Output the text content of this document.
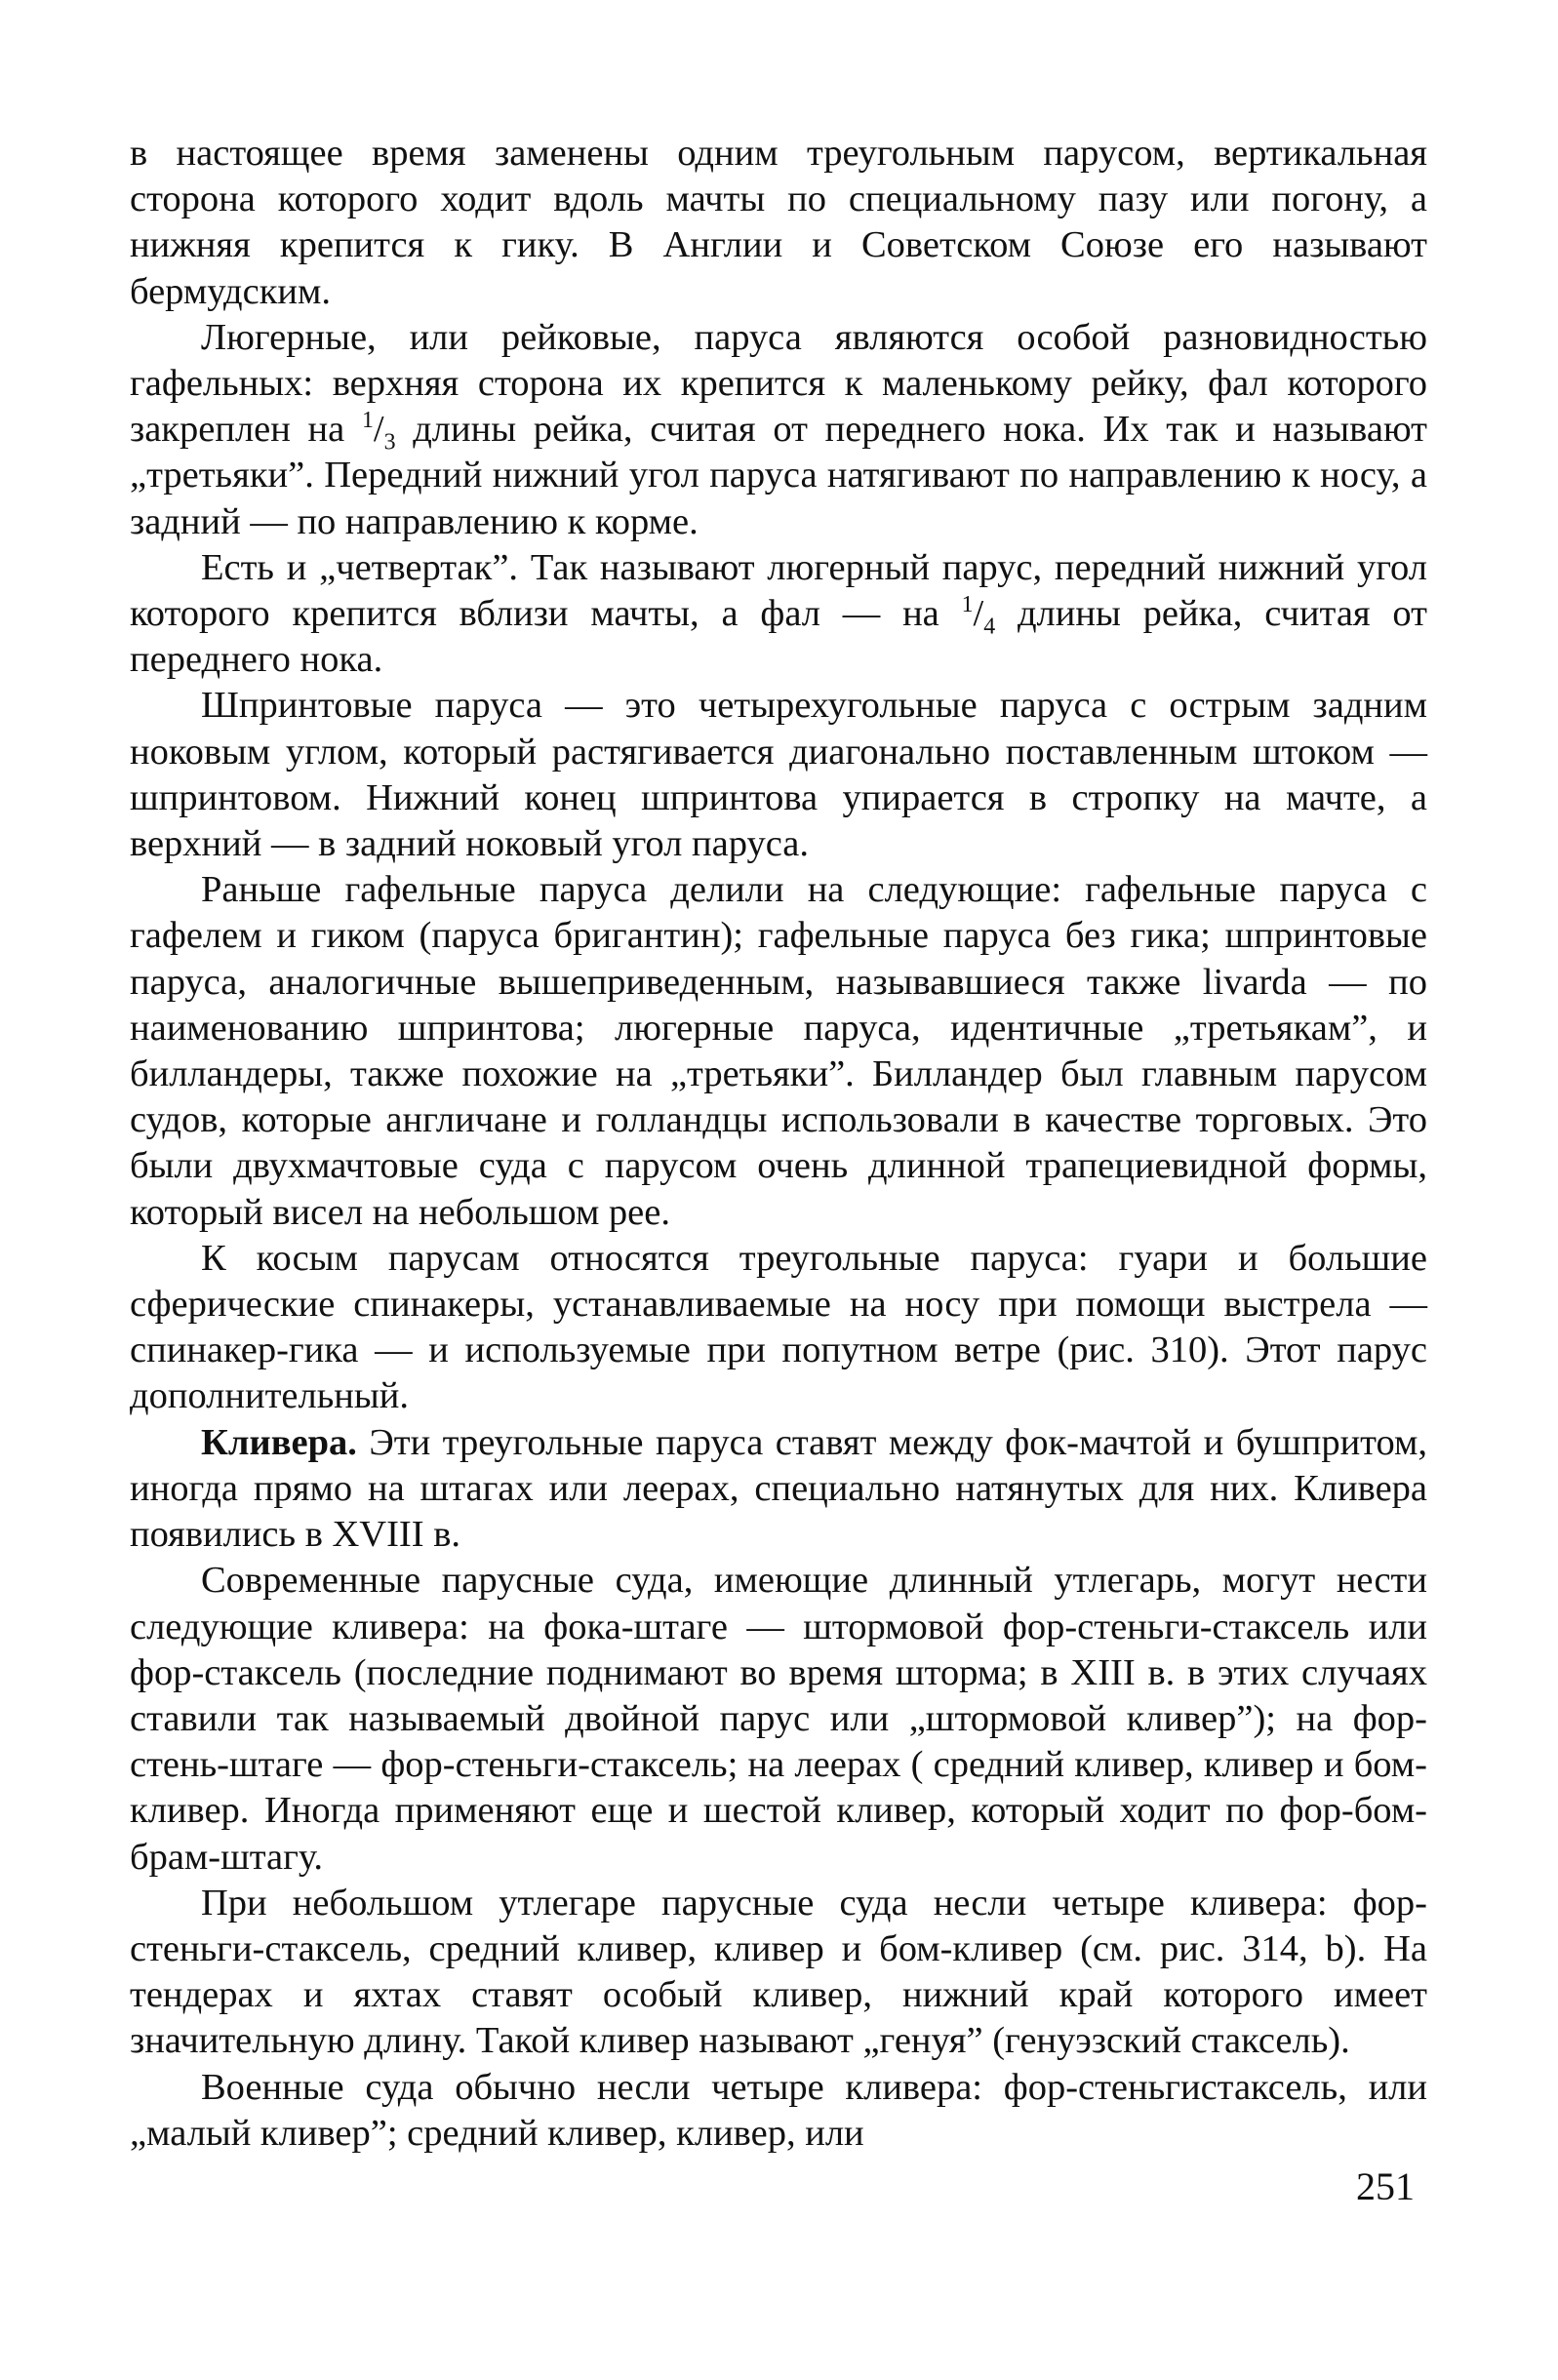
в настоящее время заменены одним треугольным парусом, вертикальная сторона которого ходит вдоль мачты по специальному пазу или погону, а нижняя крепится к гику. В Англии и Советском Союзе его называют бермудским.

Люгерные, или рейковые, паруса являются особой разновидностью гафельных: верхняя сторона их крепится к маленькому рейку, фал которого закреплен на $^1/_3$ длины рейка, считая от переднего нока. Их так и называют „третьяки”. Передний нижний угол паруса натягивают по направлению к носу, а задний — по направлению к корме.

Есть и „четвертак”. Так называют люгерный парус, передний нижний угол которого крепится вблизи мачты, а фал — на $^1/_4$ длины рейка, считая от переднего нока.

Шпринтовые паруса — это четырехугольные паруса с острым задним ноковым углом, который растягивается диагонально поставленным штоком — шпринтовом. Нижний конец шпринтова упирается в стропку на мачте, а верхний — в задний ноковый угол паруса.

Раньше гафельные паруса делили на следующие: гафельные паруса с гафелем и гиком (паруса бригантин); гафельные паруса без гика; шпринтовые паруса, аналогичные вышеприведенным, называвшиеся также livarda — по наименованию шпринтова; люгерные паруса, идентичные „третьякам”, и билландеры, также похожие на „третьяки”. Билландер был главным парусом судов, которые англичане и голландцы использовали в качестве торговых. Это были двухмачтовые суда с парусом очень длинной трапециевидной формы, который висел на небольшом рее.

К косым парусам относятся треугольные паруса: гуари и большие сферические спинакеры, устанавливаемые на носу при помощи выстрела — спинакер-гика — и используемые при попутном ветре (рис. 310). Этот парус дополнительный.

Кливера. Эти треугольные паруса ставят между фок-мачтой и бушпритом, иногда прямо на штагах или леерах, специально натянутых для них. Кливера появились в XVIII в.

Современные парусные суда, имеющие длинный утлегарь, могут нести следующие кливера: на фока-штаге — штормовой фор-стеньги-стаксель или фор-стаксель (последние поднимают во время шторма; в XIII в. в этих случаях ставили так называемый двойной парус или „штормовой кливер”); на фор-стень-штаге — фор-стеньги-стаксель; на леерах ( средний кливер, кливер и бом-кливер. Иногда применяют еще и шестой кливер, который ходит по фор-бом-брам-штагу.

При небольшом утлегаре парусные суда несли четыре кливера: фор-стеньги-стаксель, средний кливер, кливер и бом-кливер (см. рис. 314, b). На тендерах и яхтах ставят особый кливер, нижний край которого имеет значительную длину. Такой кливер называют „генуя” (генуэзский стаксель).

Военные суда обычно несли четыре кливера: фор-стеньгистаксель, или „малый кливер”; средний кливер, кливер, или

251
